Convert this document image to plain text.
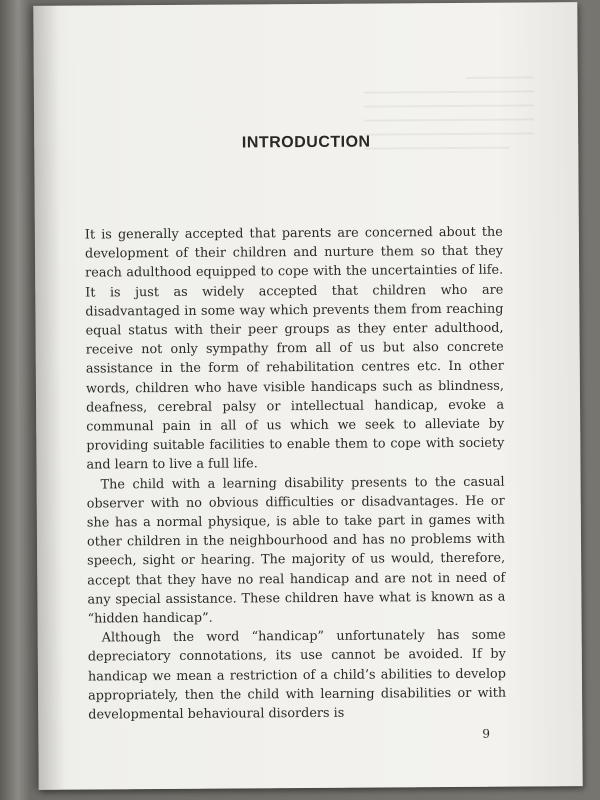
INTRODUCTION

It is generally accepted that parents are concerned about the development of their children and nurture them so that they reach adulthood equipped to cope with the uncertainties of life. It is just as widely accepted that children who are disadvantaged in some way which prevents them from reaching equal status with their peer groups as they enter adulthood, receive not only sympathy from all of us but also concrete assistance in the form of rehabilitation centres etc. In other words, children who have visible handicaps such as blindness, deafness, cerebral palsy or intellectual handicap, evoke a communal pain in all of us which we seek to alleviate by providing suitable facilities to enable them to cope with society and learn to live a full life.

The child with a learning disability presents to the casual observer with no obvious difficulties or disadvantages. He or she has a normal physique, is able to take part in games with other children in the neighbourhood and has no problems with speech, sight or hearing. The majority of us would, therefore, accept that they have no real handicap and are not in need of any special assistance. These children have what is known as a “hidden handicap”.

Although the word “handicap” unfortunately has some depreciatory connotations, its use cannot be avoided. If by handicap we mean a restriction of a child’s abilities to develop appropriately, then the child with learning disabilities or with developmental behavioural disorders is

9
